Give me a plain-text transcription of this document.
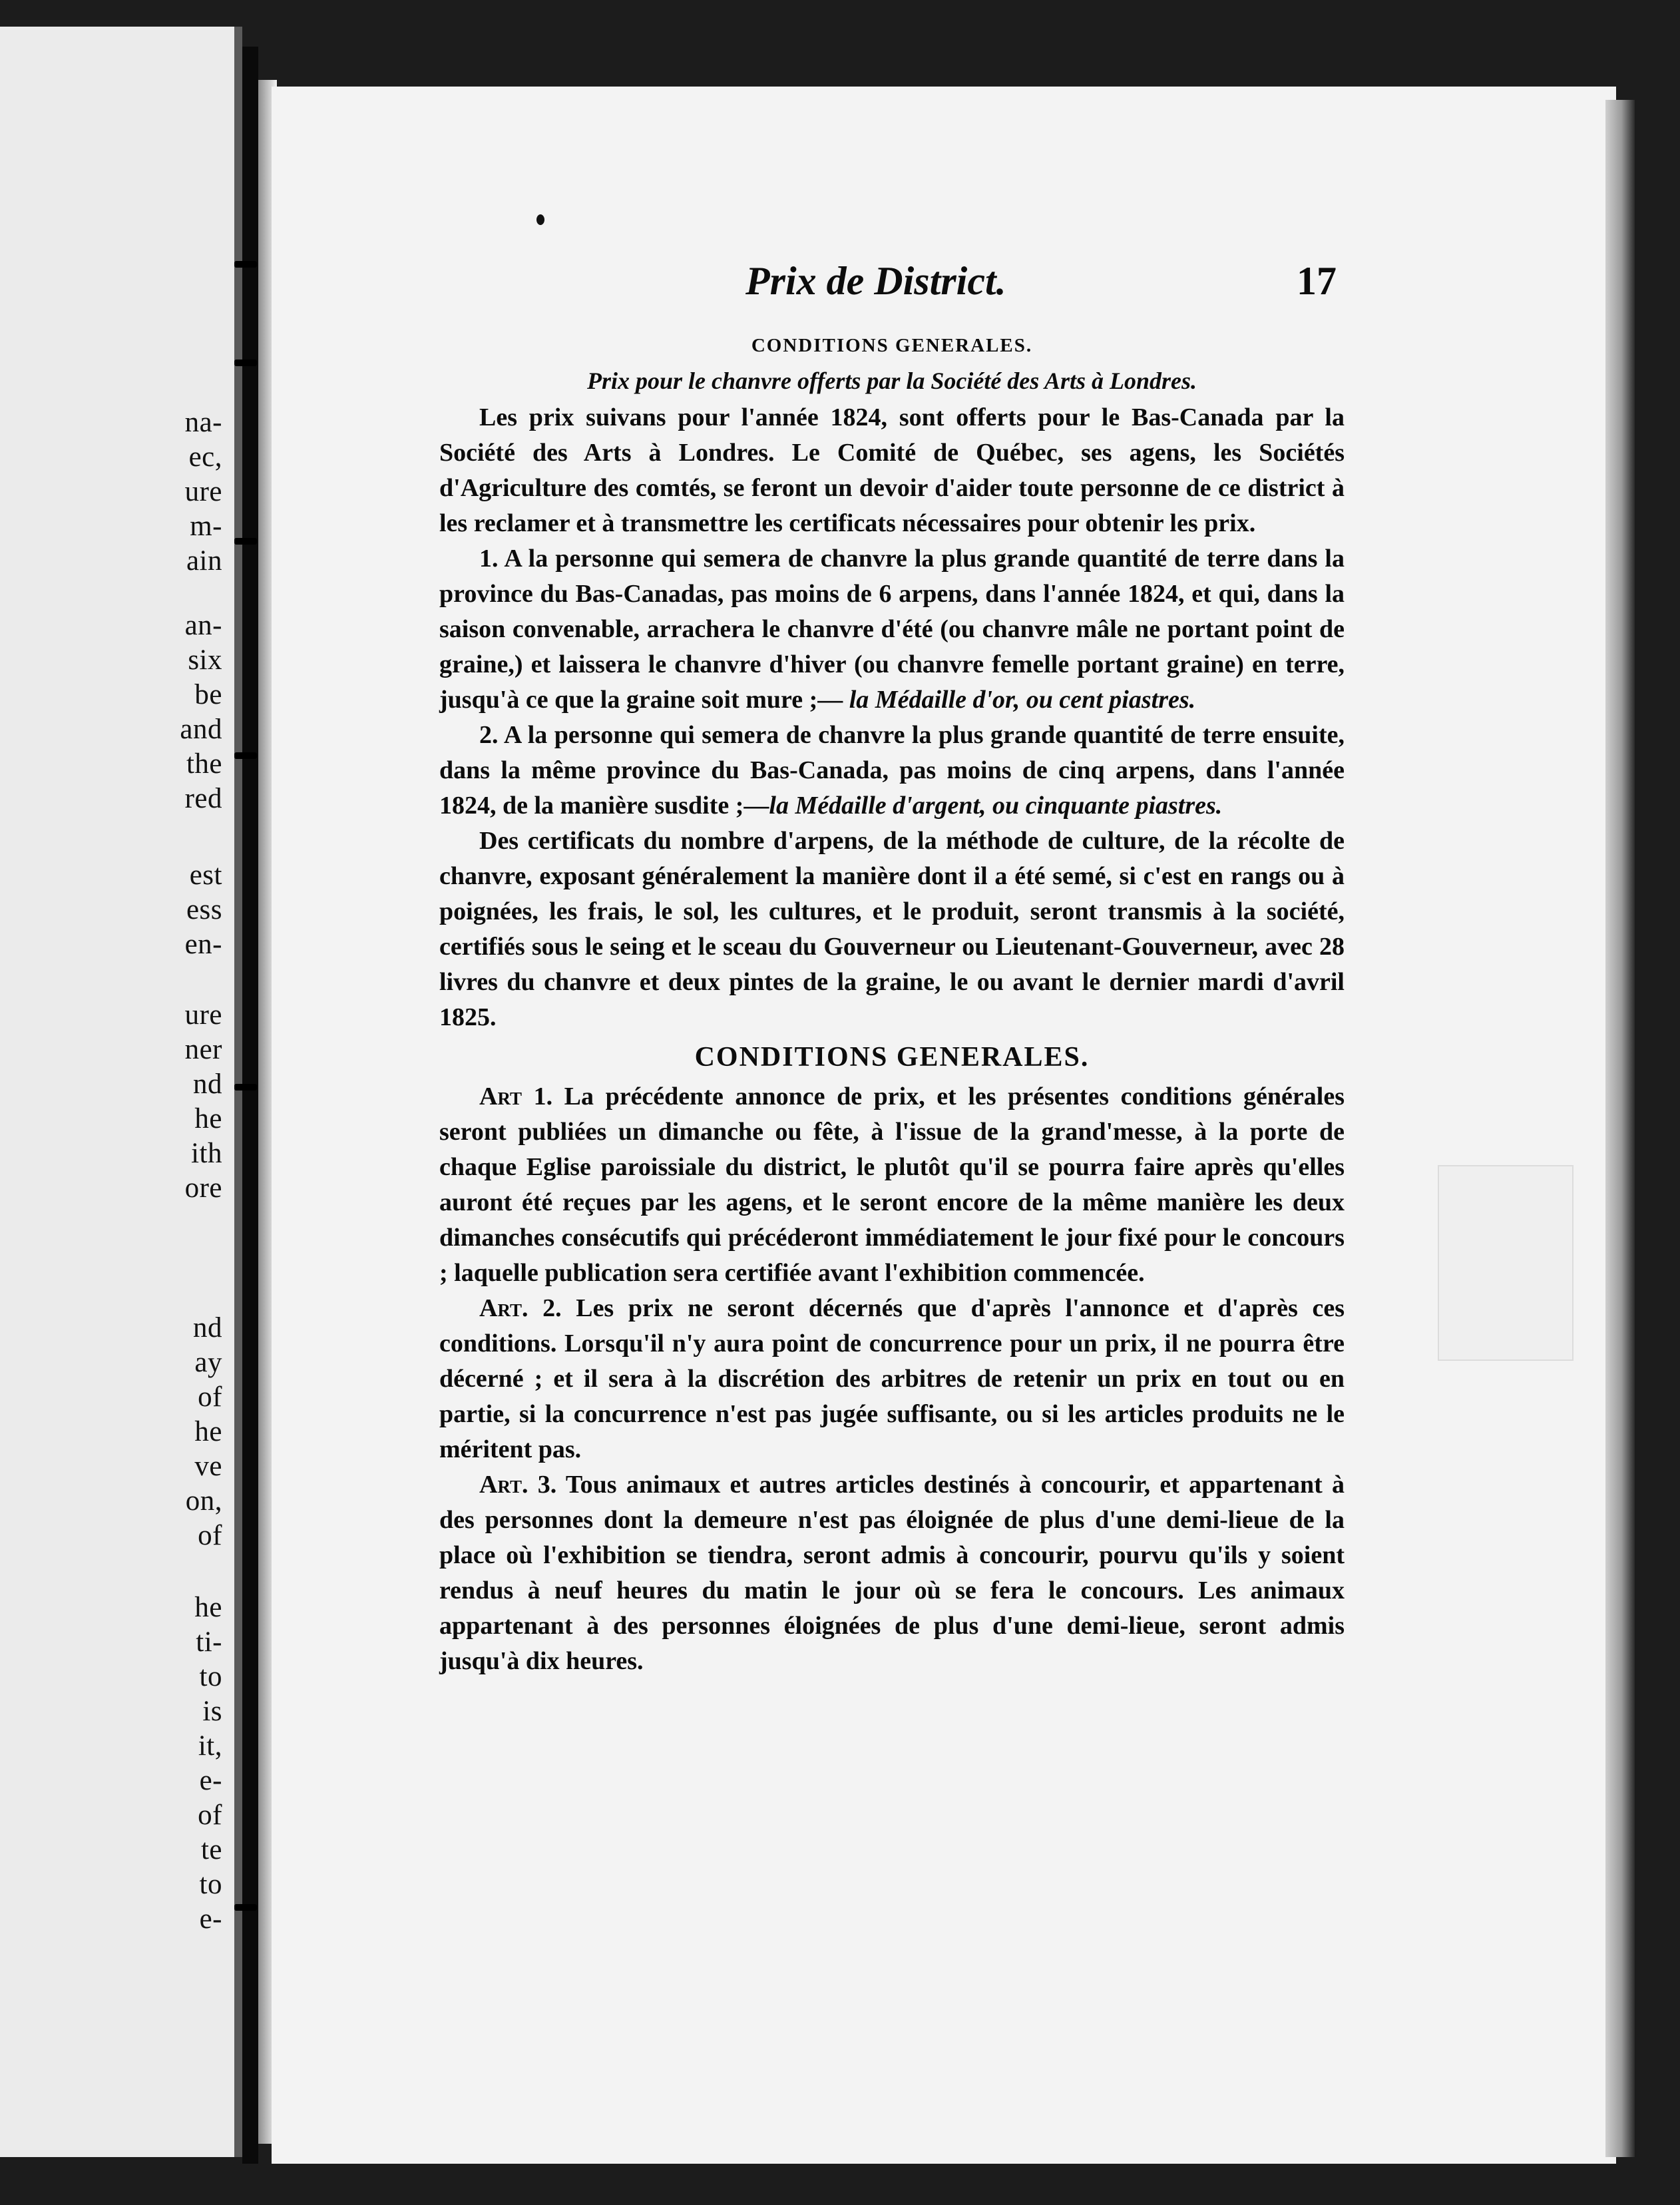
na-

ec,

ure

m-

ain

an-

six

be

and

the

red

est

ess

en-

ure

ner

nd

he

ith

ore

nd

ay

of

he

ve

on,

of

he

ti-

to

is

it,

e-

of

te

to

e-

Prix de District.	17

CONDITIONS GENERALES.

Prix pour le chanvre offerts par la Société des Arts à Londres.

Les prix suivans pour l'année 1824, sont offerts pour le Bas-Canada par la Société des Arts à Londres. Le Comité de Québec, ses agens, les Sociétés d'Agriculture des comtés, se feront un devoir d'aider toute personne de ce district à les reclamer et à transmettre les certificats nécessaires pour obtenir les prix.

1. A la personne qui semera de chanvre la plus grande quantité de terre dans la province du Bas-Canadas, pas moins de 6 arpens, dans l'année 1824, et qui, dans la saison convenable, arrachera le chanvre d'été (ou chanvre mâle ne portant point de graine,) et laissera le chanvre d'hiver (ou chanvre femelle portant graine) en terre, jusqu'à ce que la graine soit mure ;— la Médaille d'or, ou cent piastres.

2. A la personne qui semera de chanvre la plus grande quantité de terre ensuite, dans la même province du Bas-Canada, pas moins de cinq arpens, dans l'année 1824, de la manière susdite ;—la Médaille d'argent, ou cinquante piastres.

Des certificats du nombre d'arpens, de la méthode de culture, de la récolte de chanvre, exposant généralement la manière dont il a été semé, si c'est en rangs ou à poignées, les frais, le sol, les cultures, et le produit, seront transmis à la société, certifiés sous le seing et le sceau du Gouverneur ou Lieutenant-Gouverneur, avec 28 livres du chanvre et deux pintes de la graine, le ou avant le dernier mardi d'avril 1825.

CONDITIONS GENERALES.

Art 1. La précédente annonce de prix, et les présentes conditions générales seront publiées un dimanche ou fête, à l'issue de la grand'messe, à la porte de chaque Eglise paroissiale du district, le plutôt qu'il se pourra faire après qu'elles auront été reçues par les agens, et le seront encore de la même manière les deux dimanches consécutifs qui précéderont immédiatement le jour fixé pour le concours ; laquelle publication sera certifiée avant l'exhibition commencée.

Art. 2. Les prix ne seront décernés que d'après l'annonce et d'après ces conditions. Lorsqu'il n'y aura point de concurrence pour un prix, il ne pourra être décerné ; et il sera à la discrétion des arbitres de retenir un prix en tout ou en partie, si la concurrence n'est pas jugée suffisante, ou si les articles produits ne le méritent pas.

Art. 3. Tous animaux et autres articles destinés à concourir, et appartenant à des personnes dont la demeure n'est pas éloignée de plus d'une demi-lieue de la place où l'exhibition se tiendra, seront admis à concourir, pourvu qu'ils y soient rendus à neuf heures du matin le jour où se fera le concours. Les animaux appartenant à des personnes éloignées de plus d'une demi-lieue, seront admis jusqu'à dix heures.
